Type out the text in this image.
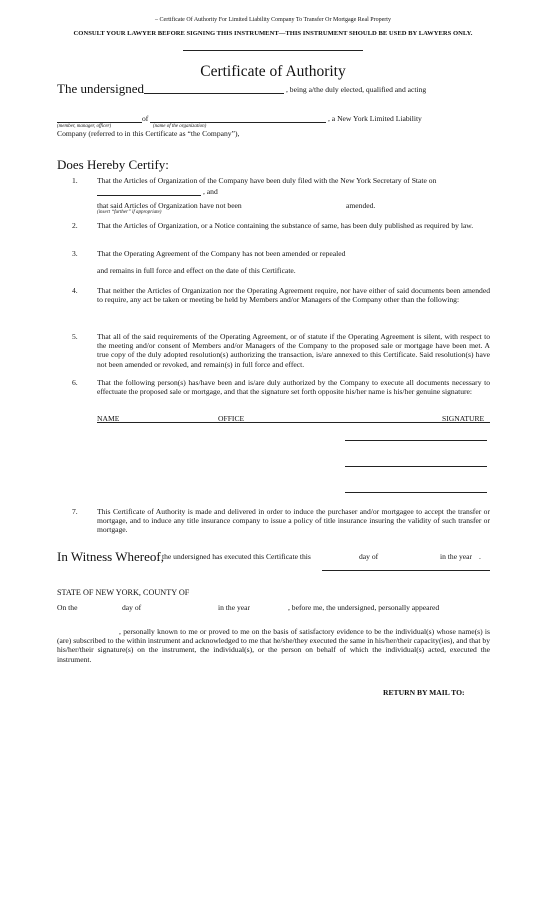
– Certificate Of Authority For Limited Liability Company To Transfer Or Mortgage Real Property
CONSULT YOUR LAWYER BEFORE SIGNING THIS INSTRUMENT—THIS INSTRUMENT SHOULD BE USED BY LAWYERS ONLY.
Certificate of Authority
The undersigned	, being a/the duly elected, qualified and acting
of	, a New York Limited Liability
(member, manager, officer)	(name of the organization)
Company (referred to in this Certificate as “the Company”),
Does Hereby Certify:
1.	That the Articles of Organization of the Company have been duly filed with the New York Secretary of State on
, and
that said Articles of Organization have not been	amended.
(insert “further” if appropriate)
2.	That the Articles of Organization, or a Notice containing the substance of same, has been duly published as required by law.
3.	That the Operating Agreement of the Company has not been amended or repealed
and remains in full force and effect on the date of this Certificate.
4.	That neither the Articles of Organization nor the Operating Agreement require, nor have either of said documents been amended to require, any act be taken or meeting be held by Members and/or Managers of the Company other than the following:
5.	That all of the said requirements of the Operating Agreement, or of statute if the Operating Agreement is silent, with respect to the meeting and/or consent of Members and/or Managers of the Company to the proposed sale or mortgage have been met. A true copy of the duly adopted resolution(s) authorizing the transaction, is/are annexed to this Certificate. Said resolution(s) have not been amended or revoked, and remain(s) in full force and effect.
6.	That the following person(s) has/have been and is/are duly authorized by the Company to execute all documents necessary to effectuate the proposed sale or mortgage, and that the signature set forth opposite his/her name is his/her genuine signature:
NAME	OFFICE	SIGNATURE
7.	This Certificate of Authority is made and delivered in order to induce the purchaser and/or mortgagee to accept the transfer or mortgage, and to induce any title insurance company to issue a policy of title insurance insuring the validity of such transfer or mortgage.
In Witness Whereof,
the undersigned has executed this Certificate this	day of	in the year .
STATE OF NEW YORK, COUNTY OF
On the	day of	in the year	, before me, the undersigned, personally appeared
, personally known to me or proved to me on the basis of satisfactory evidence to be the individual(s) whose name(s) is (are) subscribed to the within instrument and acknowledged to me that he/she/they executed the same in his/her/their capacity(ies), and that by his/her/their signature(s) on the instrument, the individual(s), or the person on behalf of which the individual(s) acted, executed the instrument.
RETURN BY MAIL TO:
